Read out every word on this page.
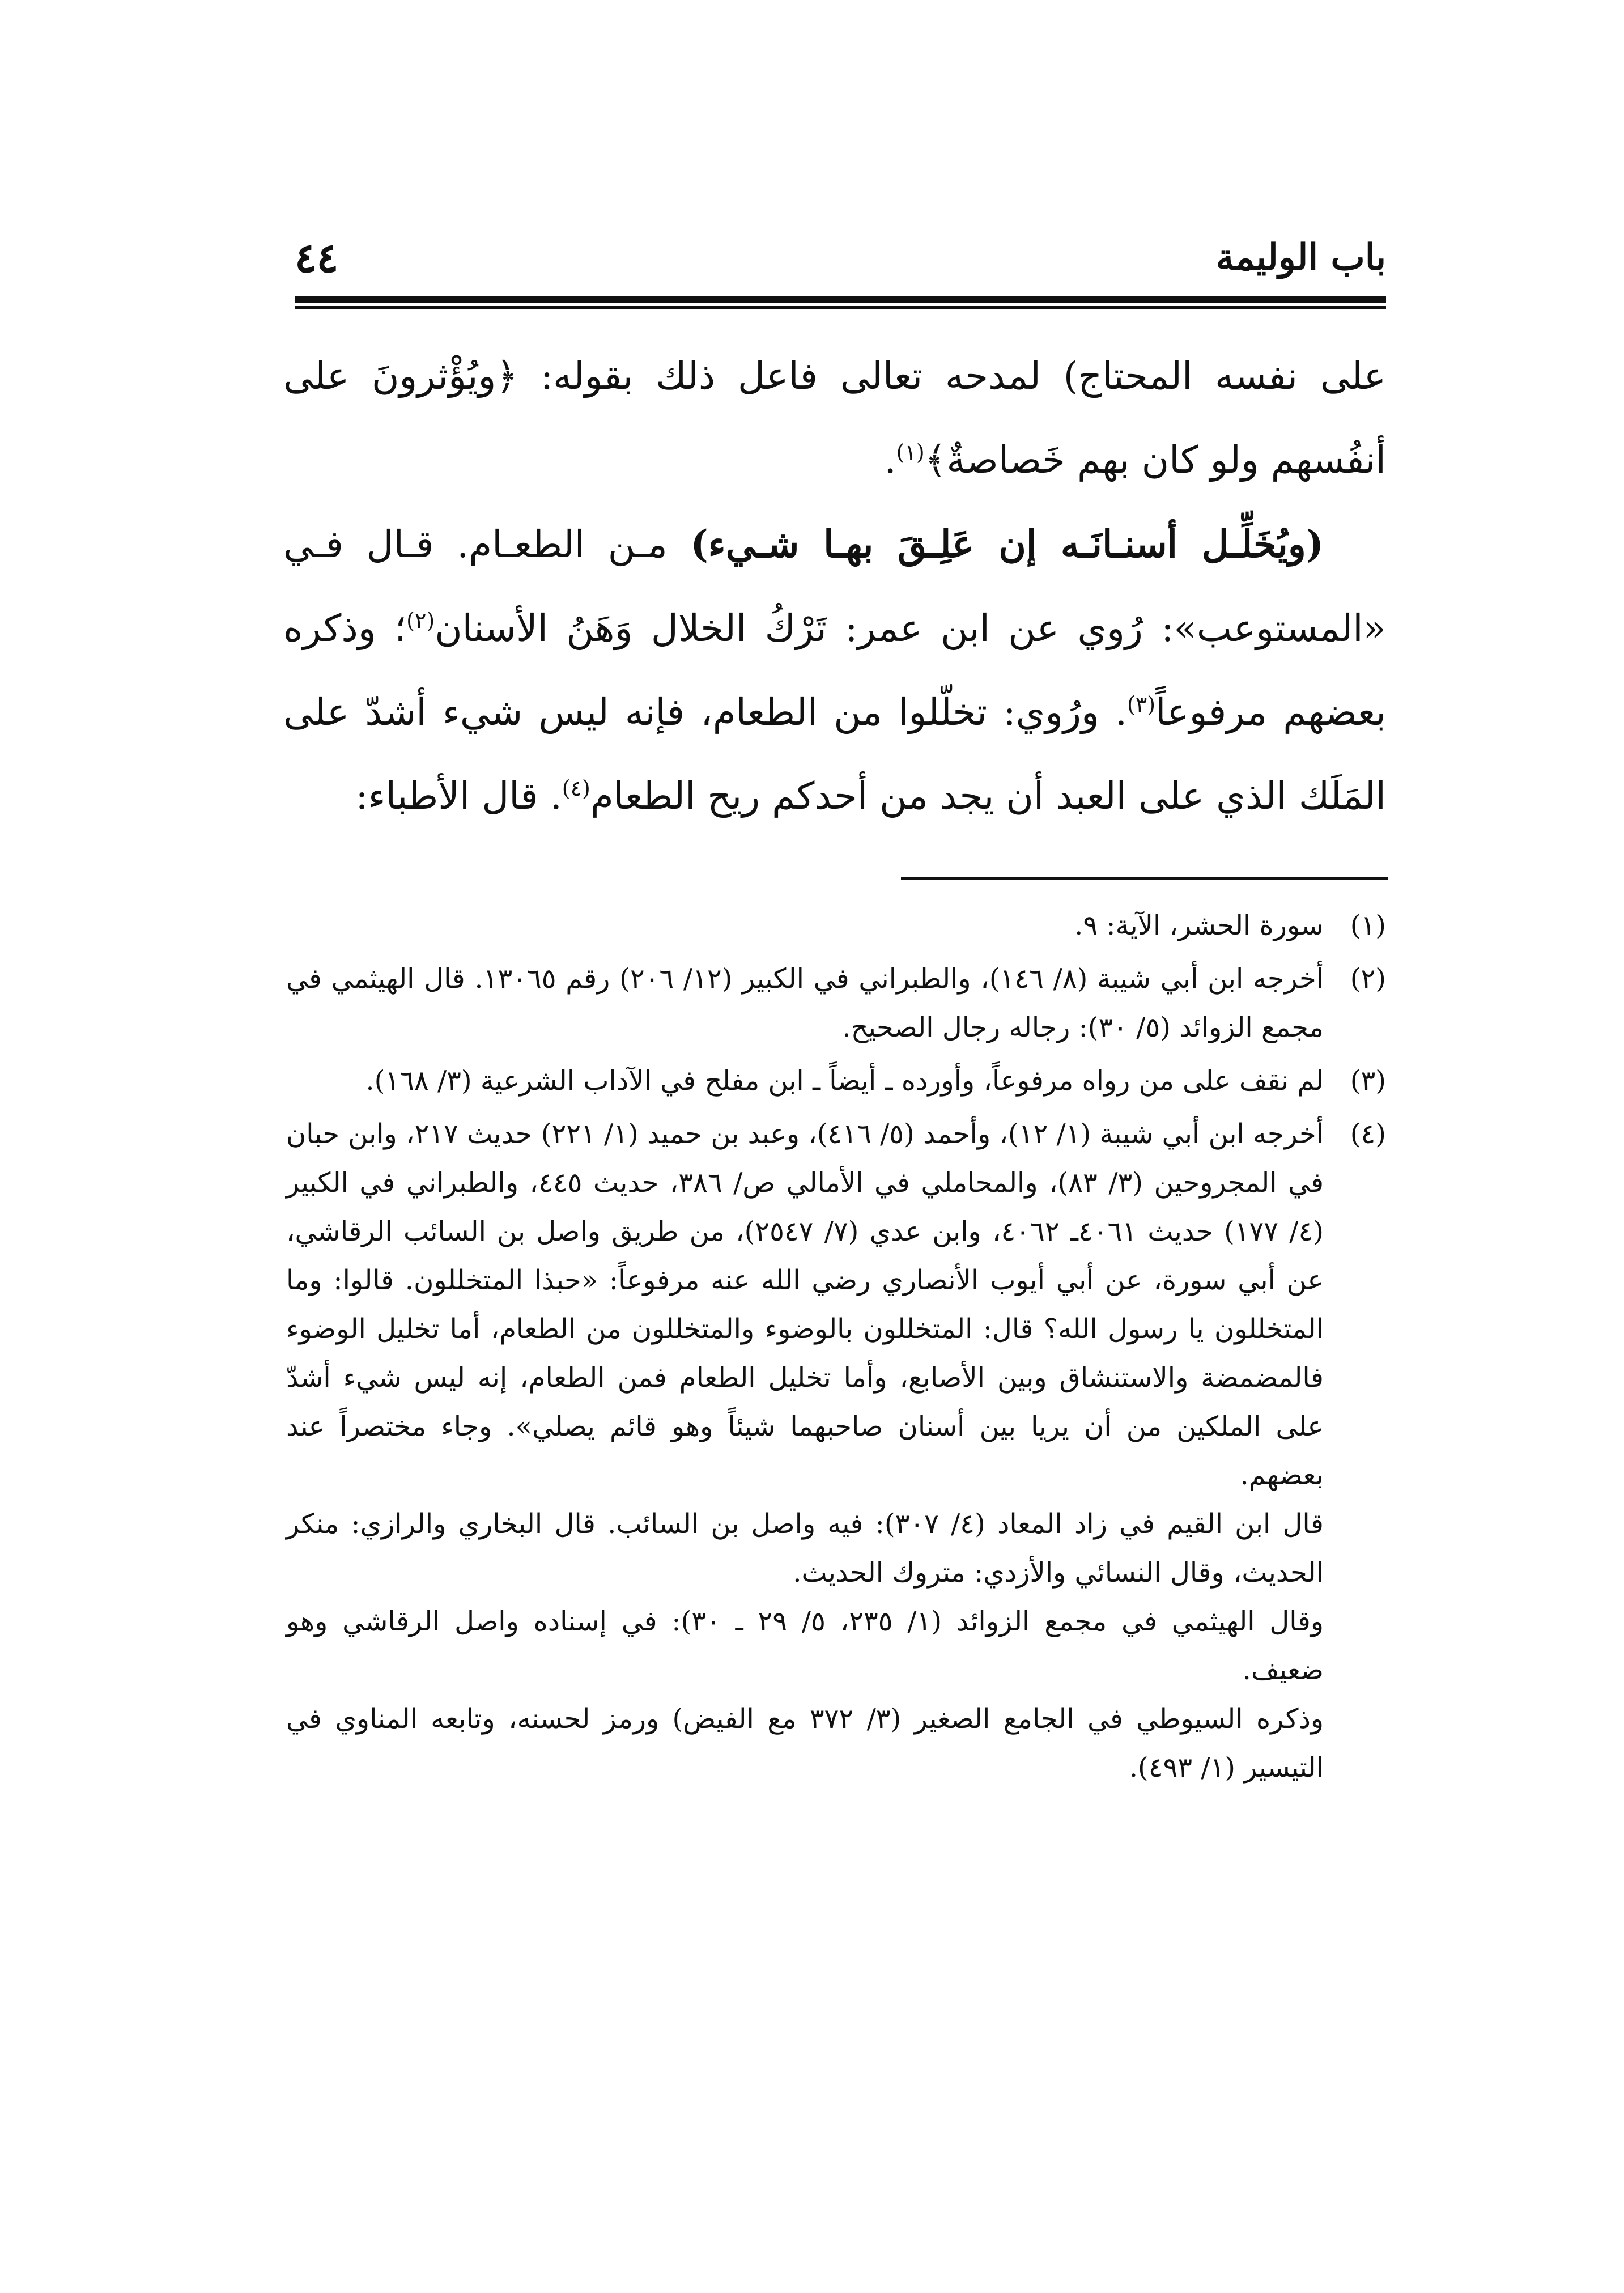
باب الوليمة
٤٤

على نفسه المحتاج) لمدحه تعالى فاعل ذلك بقوله: ﴿ويُؤْثرونَ على أنفُسهم ولو كان بهم خَصاصةٌ﴾$^{(١)}$.

(ويُخَلِّـل أسنـانَـه إن عَلِـقَ بهـا شـيء) مـن الطعـام. قـال فـي «المستوعب»: رُوي عن ابن عمر: تَرْكُ الخلال وَهَنُ الأسنان$^{(٢)}$؛ وذكره بعضهم مرفوعاً$^{(٣)}$. ورُوي: تخلّلوا من الطعام، فإنه ليس شيء أشدّ على المَلَك الذي على العبد أن يجد من أحدكم ريح الطعام$^{(٤)}$. قال الأطباء:

(١)

سورة الحشر، الآية: ٩.

(٢)

أخرجه ابن أبي شيبة (٨/ ١٤٦)، والطبراني في الكبير (١٢/ ٢٠٦) رقم ١٣٠٦٥. قال الهيثمي في مجمع الزوائد (٥/ ٣٠): رجاله رجال الصحيح.

(٣)

لم نقف على من رواه مرفوعاً، وأورده ـ أيضاً ـ ابن مفلح في الآداب الشرعية (٣/ ١٦٨).

(٤)

أخرجه ابن أبي شيبة (١/ ١٢)، وأحمد (٥/ ٤١٦)، وعبد بن حميد (١/ ٢٢١) حديث ٢١٧، وابن حبان في المجروحين (٣/ ٨٣)، والمحاملي في الأمالي ص/ ٣٨٦، حديث ٤٤٥، والطبراني في الكبير (٤/ ١٧٧) حديث ٤٠٦١ـ ٤٠٦٢، وابن عدي (٧/ ٢٥٤٧)، من طريق واصل بن السائب الرقاشي، عن أبي سورة، عن أبي أيوب الأنصاري رضي الله عنه مرفوعاً: «حبذا المتخللون. قالوا: وما المتخللون يا رسول الله؟ قال: المتخللون بالوضوء والمتخللون من الطعام، أما تخليل الوضوء فالمضمضة والاستنشاق وبين الأصابع، وأما تخليل الطعام فمن الطعام، إنه ليس شيء أشدّ على الملكين من أن يريا بين أسنان صاحبهما شيئاً وهو قائم يصلي». وجاء مختصراً عند بعضهم.

قال ابن القيم في زاد المعاد (٤/ ٣٠٧): فيه واصل بن السائب. قال البخاري والرازي: منكر الحديث، وقال النسائي والأزدي: متروك الحديث.

وقال الهيثمي في مجمع الزوائد (١/ ٢٣٥، ٥/ ٢٩ ـ ٣٠): في إسناده واصل الرقاشي وهو ضعيف.

وذكره السيوطي في الجامع الصغير (٣/ ٣٧٢ مع الفيض) ورمز لحسنه، وتابعه المناوي في التيسير (١/ ٤٩٣).
